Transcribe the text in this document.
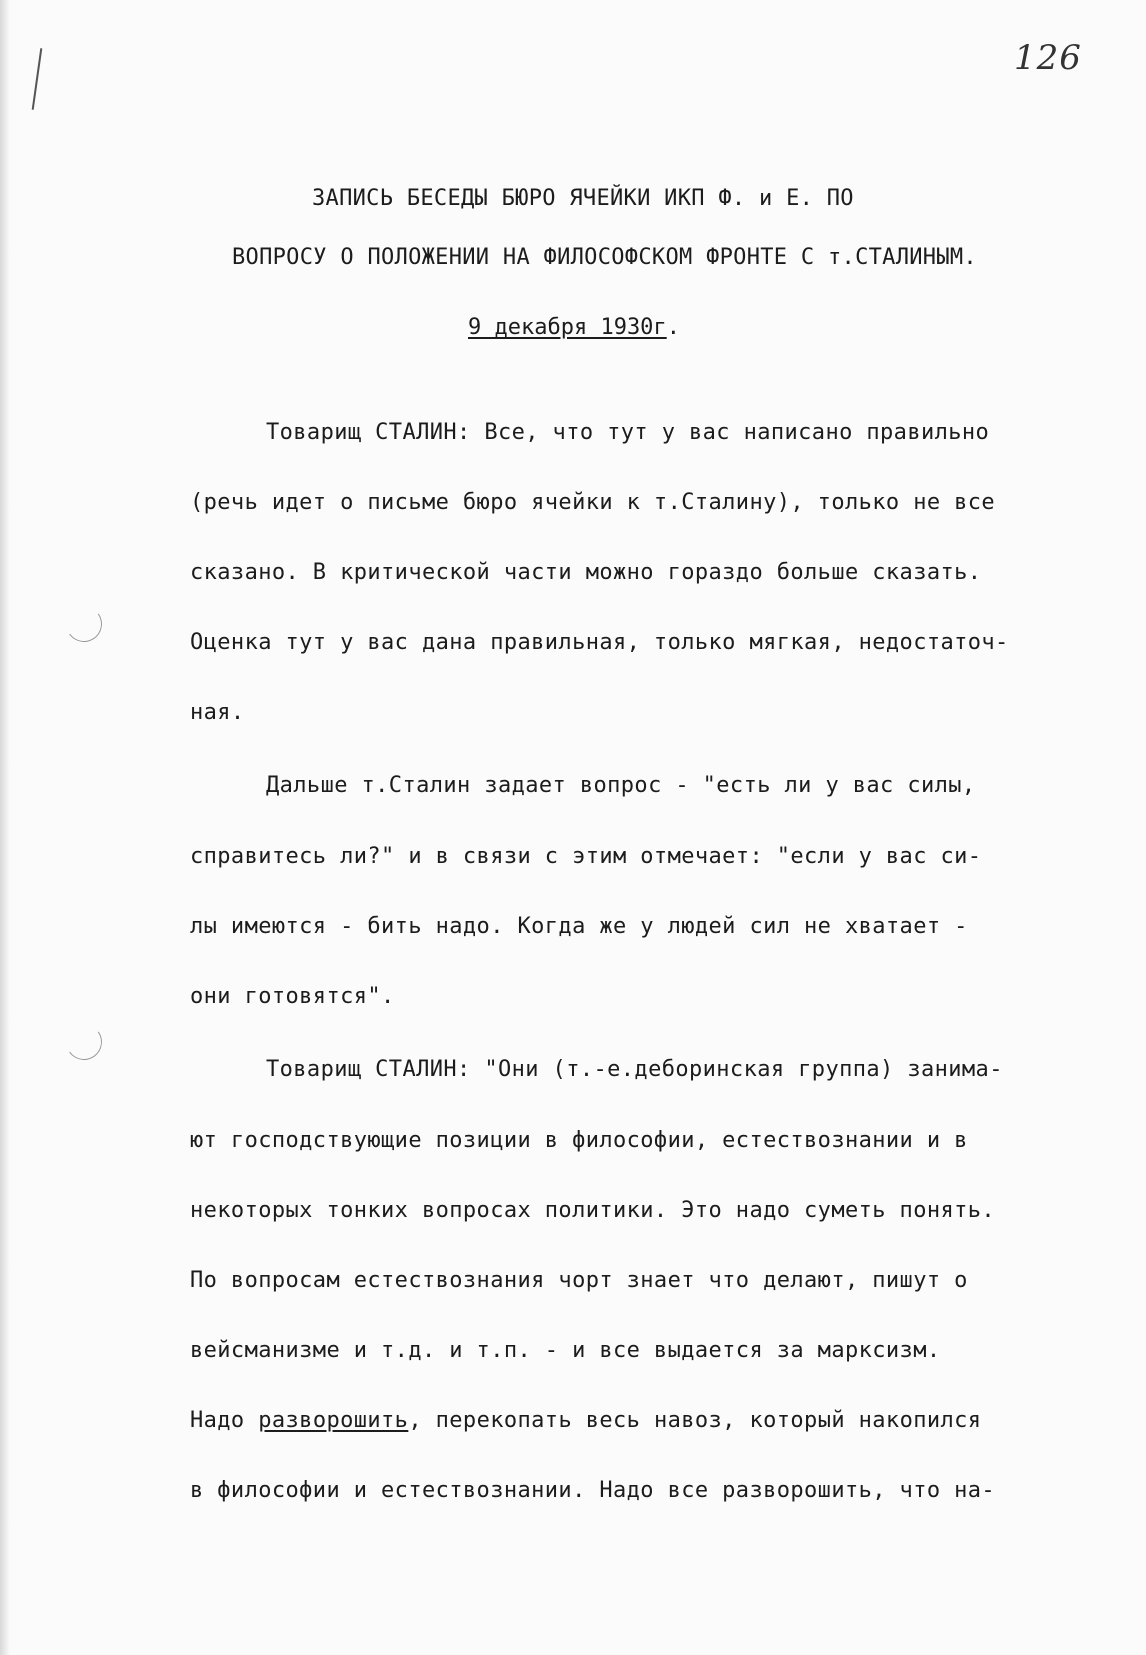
126
ЗАПИСЬ БЕСЕДЫ БЮРО ЯЧЕЙКИ ИКП Ф. и Е. ПО
ВОПРОСУ О ПОЛОЖЕНИИ НА ФИЛОСОФСКОМ ФРОНТЕ С т.СТАЛИНЫМ.
9 декабря 1930г.
Товарищ СТАЛИН: Все, что тут у вас написано правильно
(речь идет о письме бюро ячейки к т.Сталину), только не все
сказано. В критической части можно гораздо больше сказать.
Оценка тут у вас дана правильная, только мягкая, недостаточ-
ная.
Дальше т.Сталин задает вопрос - "есть ли у вас силы,
справитесь ли?" и в связи с этим отмечает: "если у вас си-
лы имеются - бить надо. Когда же у людей сил не хватает -
они готовятся".
Товарищ СТАЛИН: "Они (т.-е.деборинская группа) занима-
ют господствующие позиции в философии, естествознании и в
некоторых тонких вопросах политики. Это надо суметь понять.
По вопросам естествознания чорт знает что делают, пишут о
вейсманизме и т.д. и т.п. - и все выдается за марксизм.
Надо разворошить, перекопать весь навоз, который накопился
в философии и естествознании. Надо все разворошить, что на-
